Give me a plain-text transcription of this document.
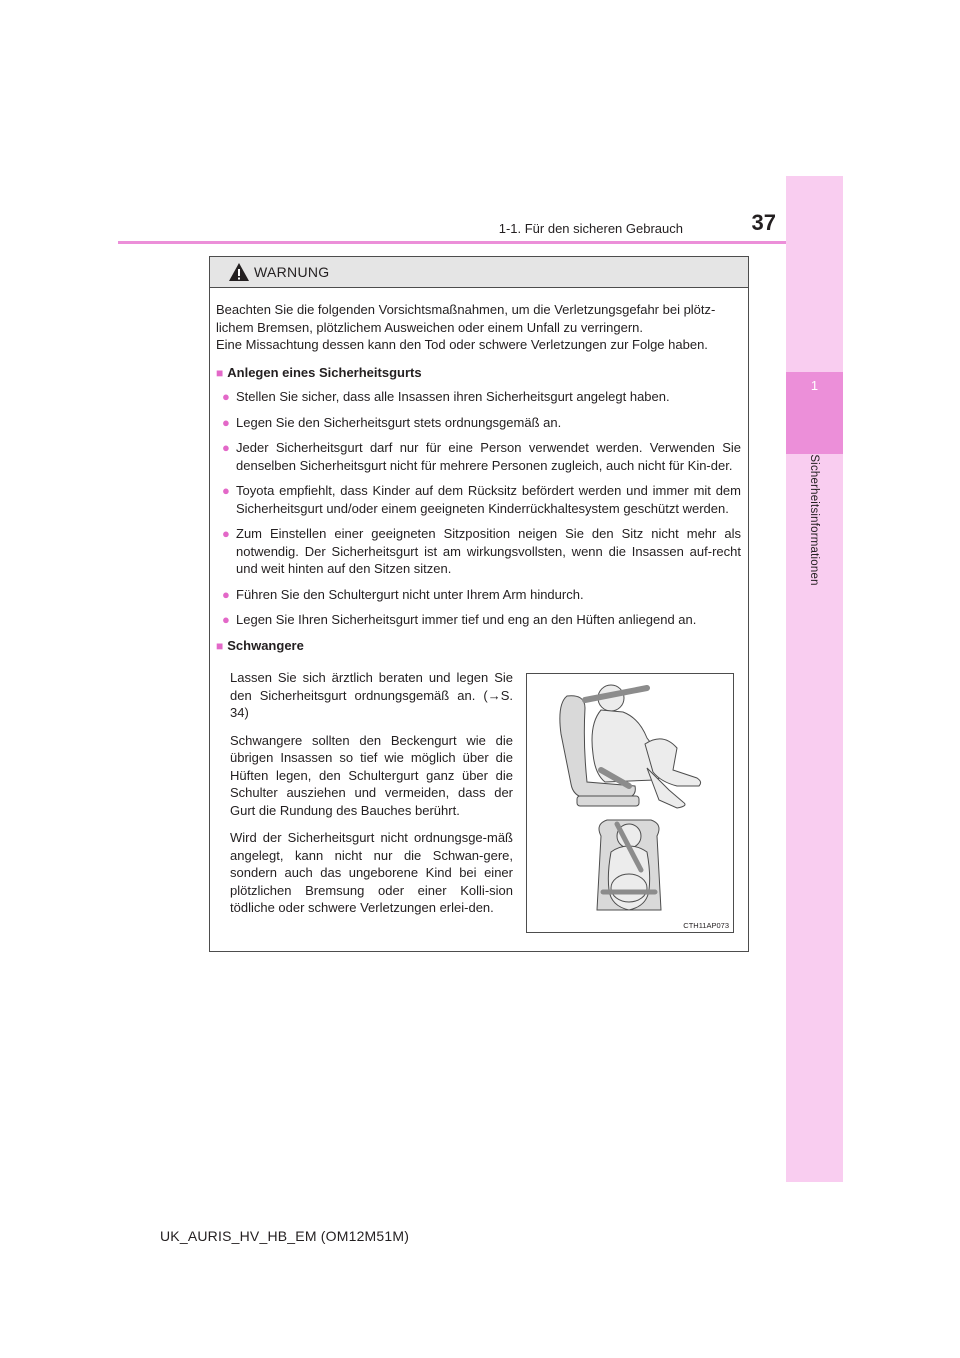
1
Sicherheitsinformationen
1-1. Für den sicheren Gebrauch	37
WARNUNG
Beachten Sie die folgenden Vorsichtsmaßnahmen, um die Verletzungsgefahr bei plötz-
lichem Bremsen, plötzlichem Ausweichen oder einem Unfall zu verringern.
Eine Missachtung dessen kann den Tod oder schwere Verletzungen zur Folge haben.
■ Anlegen eines Sicherheitsgurts
● Stellen Sie sicher, dass alle Insassen ihren Sicherheitsgurt angelegt haben.
● Legen Sie den Sicherheitsgurt stets ordnungsgemäß an.
● Jeder Sicherheitsgurt darf nur für eine Person verwendet werden. Verwenden Sie denselben Sicherheitsgurt nicht für mehrere Personen zugleich, auch nicht für Kin-der.
● Toyota empfiehlt, dass Kinder auf dem Rücksitz befördert werden und immer mit dem Sicherheitsgurt und/oder einem geeigneten Kinderrückhaltesystem geschützt werden.
● Zum Einstellen einer geeigneten Sitzposition neigen Sie den Sitz nicht mehr als notwendig. Der Sicherheitsgurt ist am wirkungsvollsten, wenn die Insassen auf-recht und weit hinten auf den Sitzen sitzen.
● Führen Sie den Schultergurt nicht unter Ihrem Arm hindurch.
● Legen Sie Ihren Sicherheitsgurt immer tief und eng an den Hüften anliegend an.
■ Schwangere

Lassen Sie sich ärztlich beraten und legen Sie den Sicherheitsgurt ordnungsgemäß an. (→S. 34)

Schwangere sollten den Beckengurt wie die übrigen Insassen so tief wie möglich über die Hüften legen, den Schultergurt ganz über die Schulter ausziehen und vermeiden, dass der Gurt die Rundung des Bauches berührt.

Wird der Sicherheitsgurt nicht ordnungsge-mäß angelegt, kann nicht nur die Schwan-gere, sondern auch das ungeborene Kind bei einer plötzlichen Bremsung oder einer Kolli-sion tödliche oder schwere Verletzungen erlei-den.

CTH11AP073
UK_AURIS_HV_HB_EM (OM12M51M)
